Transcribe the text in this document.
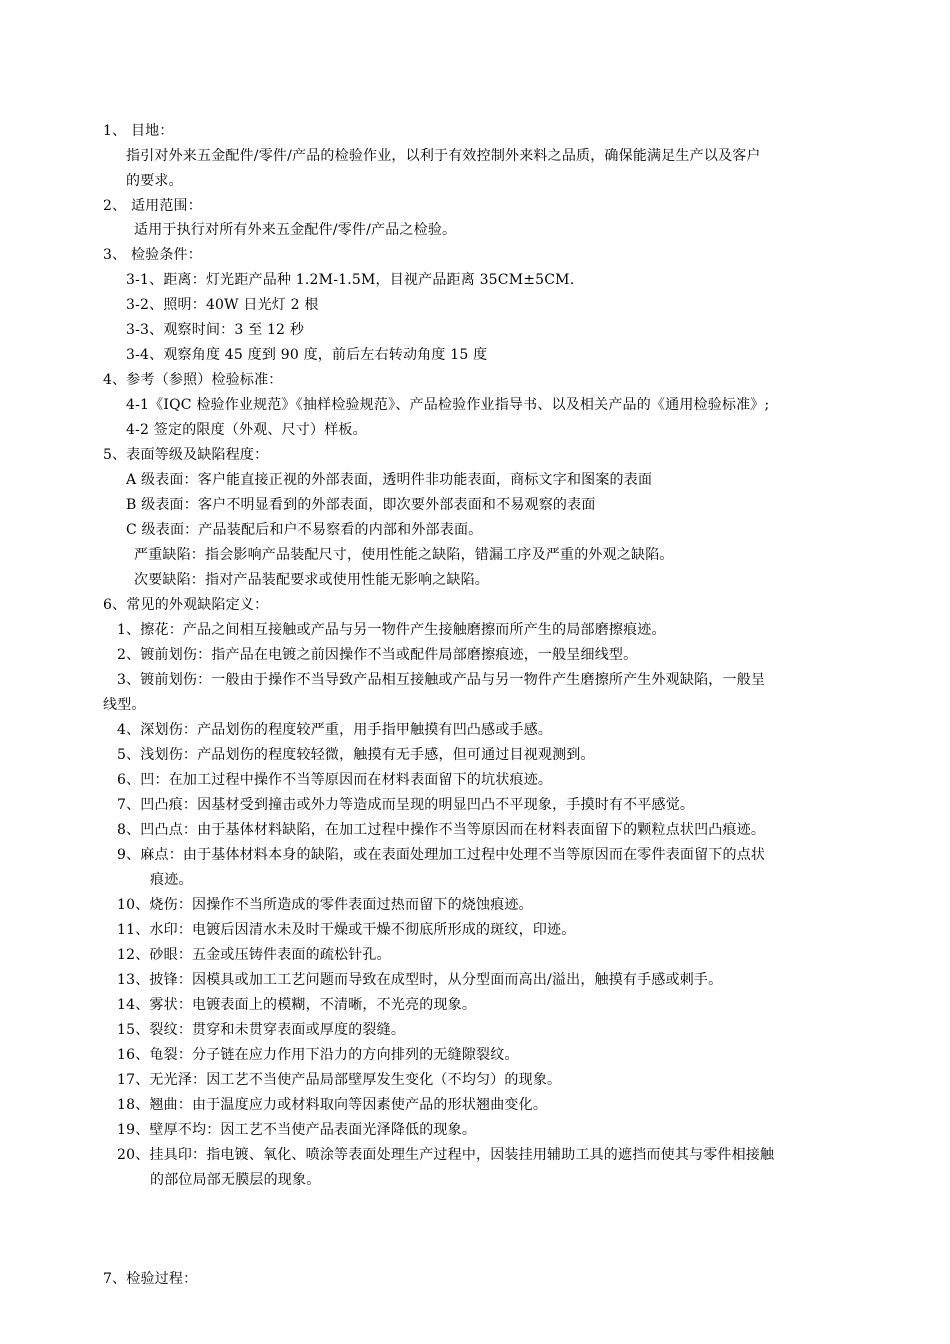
1、 目地：
指引对外来五金配件/零件/产品的检验作业，以利于有效控制外来料之品质，确保能满足生产以及客户
的要求。
2、 适用范围：
适用于执行对所有外来五金配件/零件/产品之检验。
3、 检验条件：
3-1、距离：灯光距产品种 1.2M-1.5M，目视产品距离 35CM±5CM.
3-2、照明：40W 日光灯 2 根
3-3、观察时间：3 至 12 秒
3-4、观察角度 45 度到 90 度，前后左右转动角度 15 度
4、参考（参照）检验标准：
4-1《IQC 检验作业规范》《抽样检验规范》、产品检验作业指导书、以及相关产品的《通用检验标准》;
4-2 签定的限度（外观、尺寸）样板。
5、表面等级及缺陷程度：
A 级表面：客户能直接正视的外部表面，透明件非功能表面，商标文字和图案的表面
B 级表面：客户不明显看到的外部表面，即次要外部表面和不易观察的表面
C 级表面：产品装配后和户不易察看的内部和外部表面。
严重缺陷：指会影响产品装配尺寸，使用性能之缺陷，错漏工序及严重的外观之缺陷。
次要缺陷：指对产品装配要求或使用性能无影响之缺陷。
6、常见的外观缺陷定义：
1、擦花：产品之间相互接触或产品与另一物件产生接触磨擦而所产生的局部磨擦痕迹。
2、镀前划伤：指产品在电镀之前因操作不当或配件局部磨擦痕迹，一般呈细线型。
3、镀前划伤：一般由于操作不当导致产品相互接触或产品与另一物件产生磨擦所产生外观缺陷，一般呈
线型。
4、深划伤：产品划伤的程度较严重，用手指甲触摸有凹凸感或手感。
5、浅划伤：产品划伤的程度较轻微，触摸有无手感，但可通过目视观测到。
6、凹：在加工过程中操作不当等原因而在材料表面留下的坑状痕迹。
7、凹凸痕：因基材受到撞击或外力等造成而呈现的明显凹凸不平现象，手摸时有不平感觉。
8、凹凸点：由于基体材料缺陷，在加工过程中操作不当等原因而在材料表面留下的颗粒点状凹凸痕迹。
9、麻点：由于基体材料本身的缺陷，或在表面处理加工过程中处理不当等原因而在零件表面留下的点状
痕迹。
10、烧伤：因操作不当所造成的零件表面过热而留下的烧蚀痕迹。
11、水印：电镀后因清水未及时干燥或干燥不彻底所形成的斑纹，印迹。
12、砂眼：五金或压铸件表面的疏松针孔。
13、披锋：因模具或加工工艺问题而导致在成型时，从分型面而高出/溢出，触摸有手感或刺手。
14、雾状：电镀表面上的模糊，不清晰，不光亮的现象。
15、裂纹：贯穿和未贯穿表面或厚度的裂缝。
16、龟裂：分子链在应力作用下沿力的方向排列的无缝隙裂纹。
17、无光泽：因工艺不当使产品局部壁厚发生变化（不均匀）的现象。
18、翘曲：由于温度应力或材料取向等因素使产品的形状翘曲变化。
19、壁厚不均：因工艺不当使产品表面光泽降低的现象。
20、挂具印：指电镀、氧化、喷涂等表面处理生产过程中，因装挂用辅助工具的遮挡而使其与零件相接触
的部位局部无膜层的现象。
7、检验过程：
